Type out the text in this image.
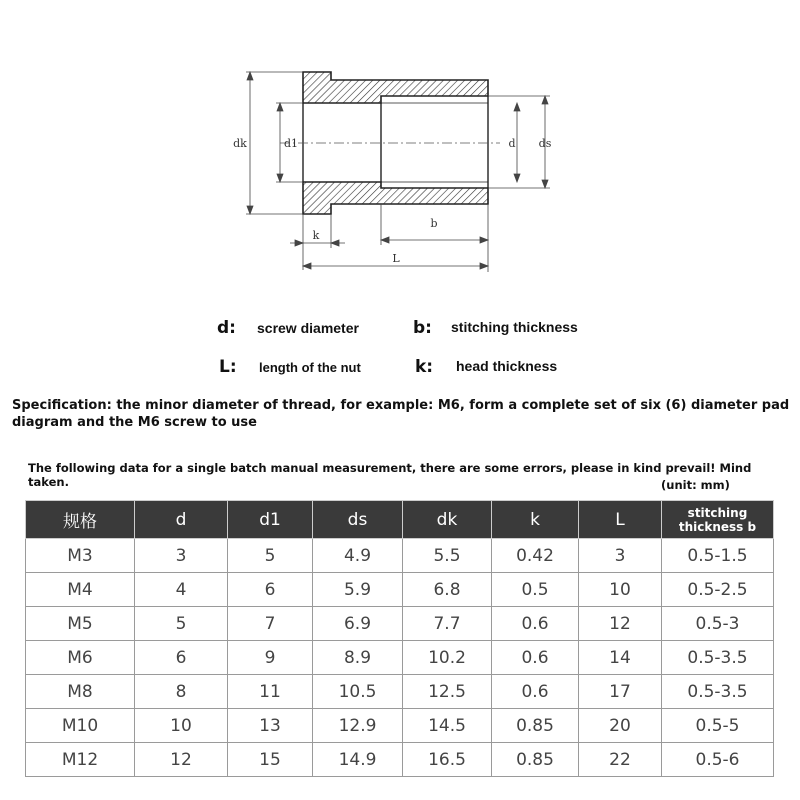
dk	d1	d ds
k
b
L
d: screw diameter	b: stitching thickness
L: length of the nut	k: head thickness
Specification: the minor diameter of thread, for example: M6, form a complete set of six (6) diameter pad diagram and the M6 screw to use
The following data for a single batch manual measurement, there are some errors, please in kind prevail! Mind taken.	(unit: mm)
规格	d	d1	ds	dk	k	L	stitching thickness b
M3	3	5	4.9	5.5	0.42	3	0.5-1.5
M4	4	6	5.9	6.8	0.5	10	0.5-2.5
M5	5	7	6.9	7.7	0.6	12	0.5-3
M6	6	9	8.9	10.2	0.6	14	0.5-3.5
M8	8	11	10.5	12.5	0.6	17	0.5-3.5
M10	10	13	12.9	14.5	0.85	20	0.5-5
M12	12	15	14.9	16.5	0.85	22	0.5-6
